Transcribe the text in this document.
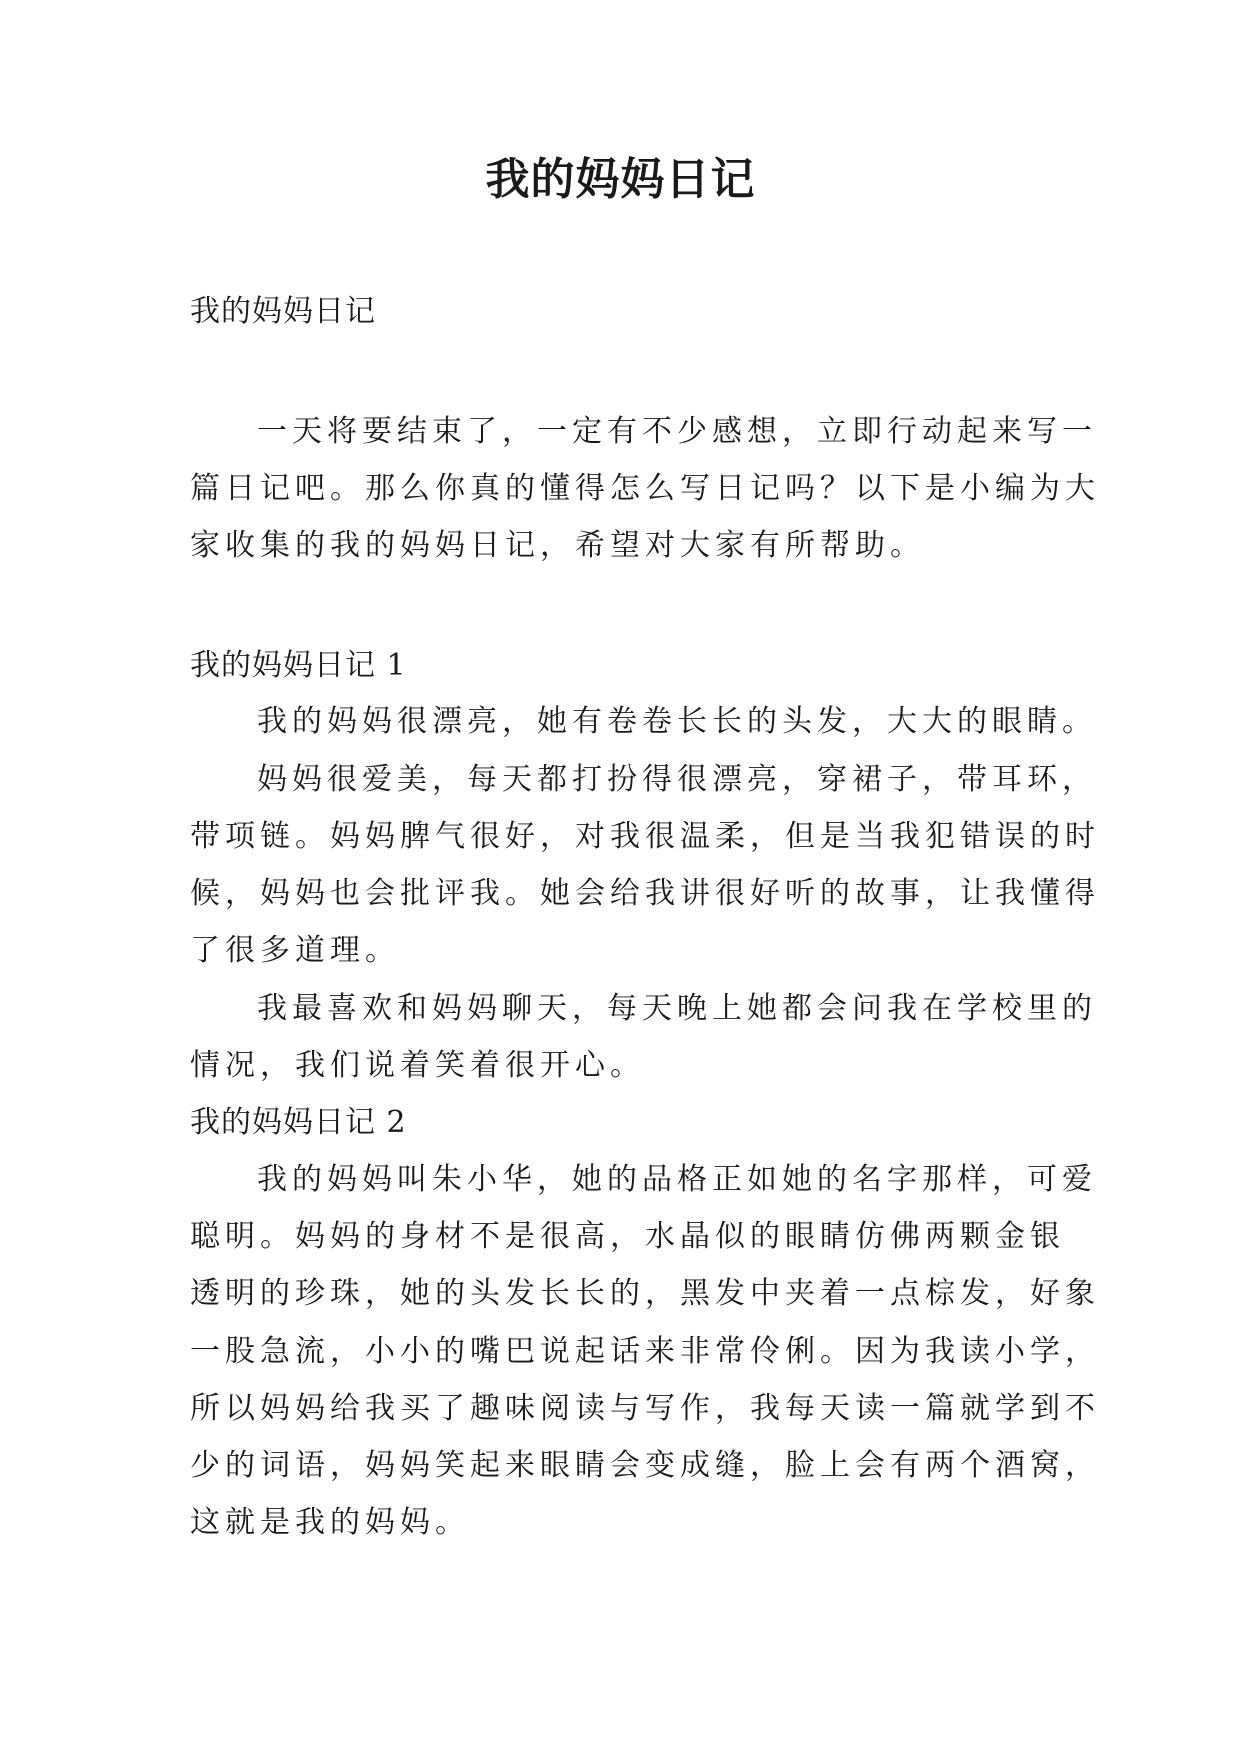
我的妈妈日记
我的妈妈日记
一天将要结束了，一定有不少感想，立即行动起来写一
篇日记吧。那么你真的懂得怎么写日记吗？以下是小编为大
家收集的我的妈妈日记，希望对大家有所帮助。
我的妈妈日记 1
我的妈妈很漂亮，她有卷卷长长的头发，大大的眼睛。
妈妈很爱美，每天都打扮得很漂亮，穿裙子，带耳环，
带项链。妈妈脾气很好，对我很温柔，但是当我犯错误的时
候，妈妈也会批评我。她会给我讲很好听的故事，让我懂得
了很多道理。
我最喜欢和妈妈聊天，每天晚上她都会问我在学校里的
情况，我们说着笑着很开心。
我的妈妈日记 2
我的妈妈叫朱小华，她的品格正如她的名字那样，可爱
聪明。妈妈的身材不是很高，水晶似的眼睛仿佛两颗金银
透明的珍珠，她的头发长长的，黑发中夹着一点棕发，好象
一股急流，小小的嘴巴说起话来非常伶俐。因为我读小学，
所以妈妈给我买了趣味阅读与写作，我每天读一篇就学到不
少的词语，妈妈笑起来眼睛会变成缝，脸上会有两个酒窝，
这就是我的妈妈。
